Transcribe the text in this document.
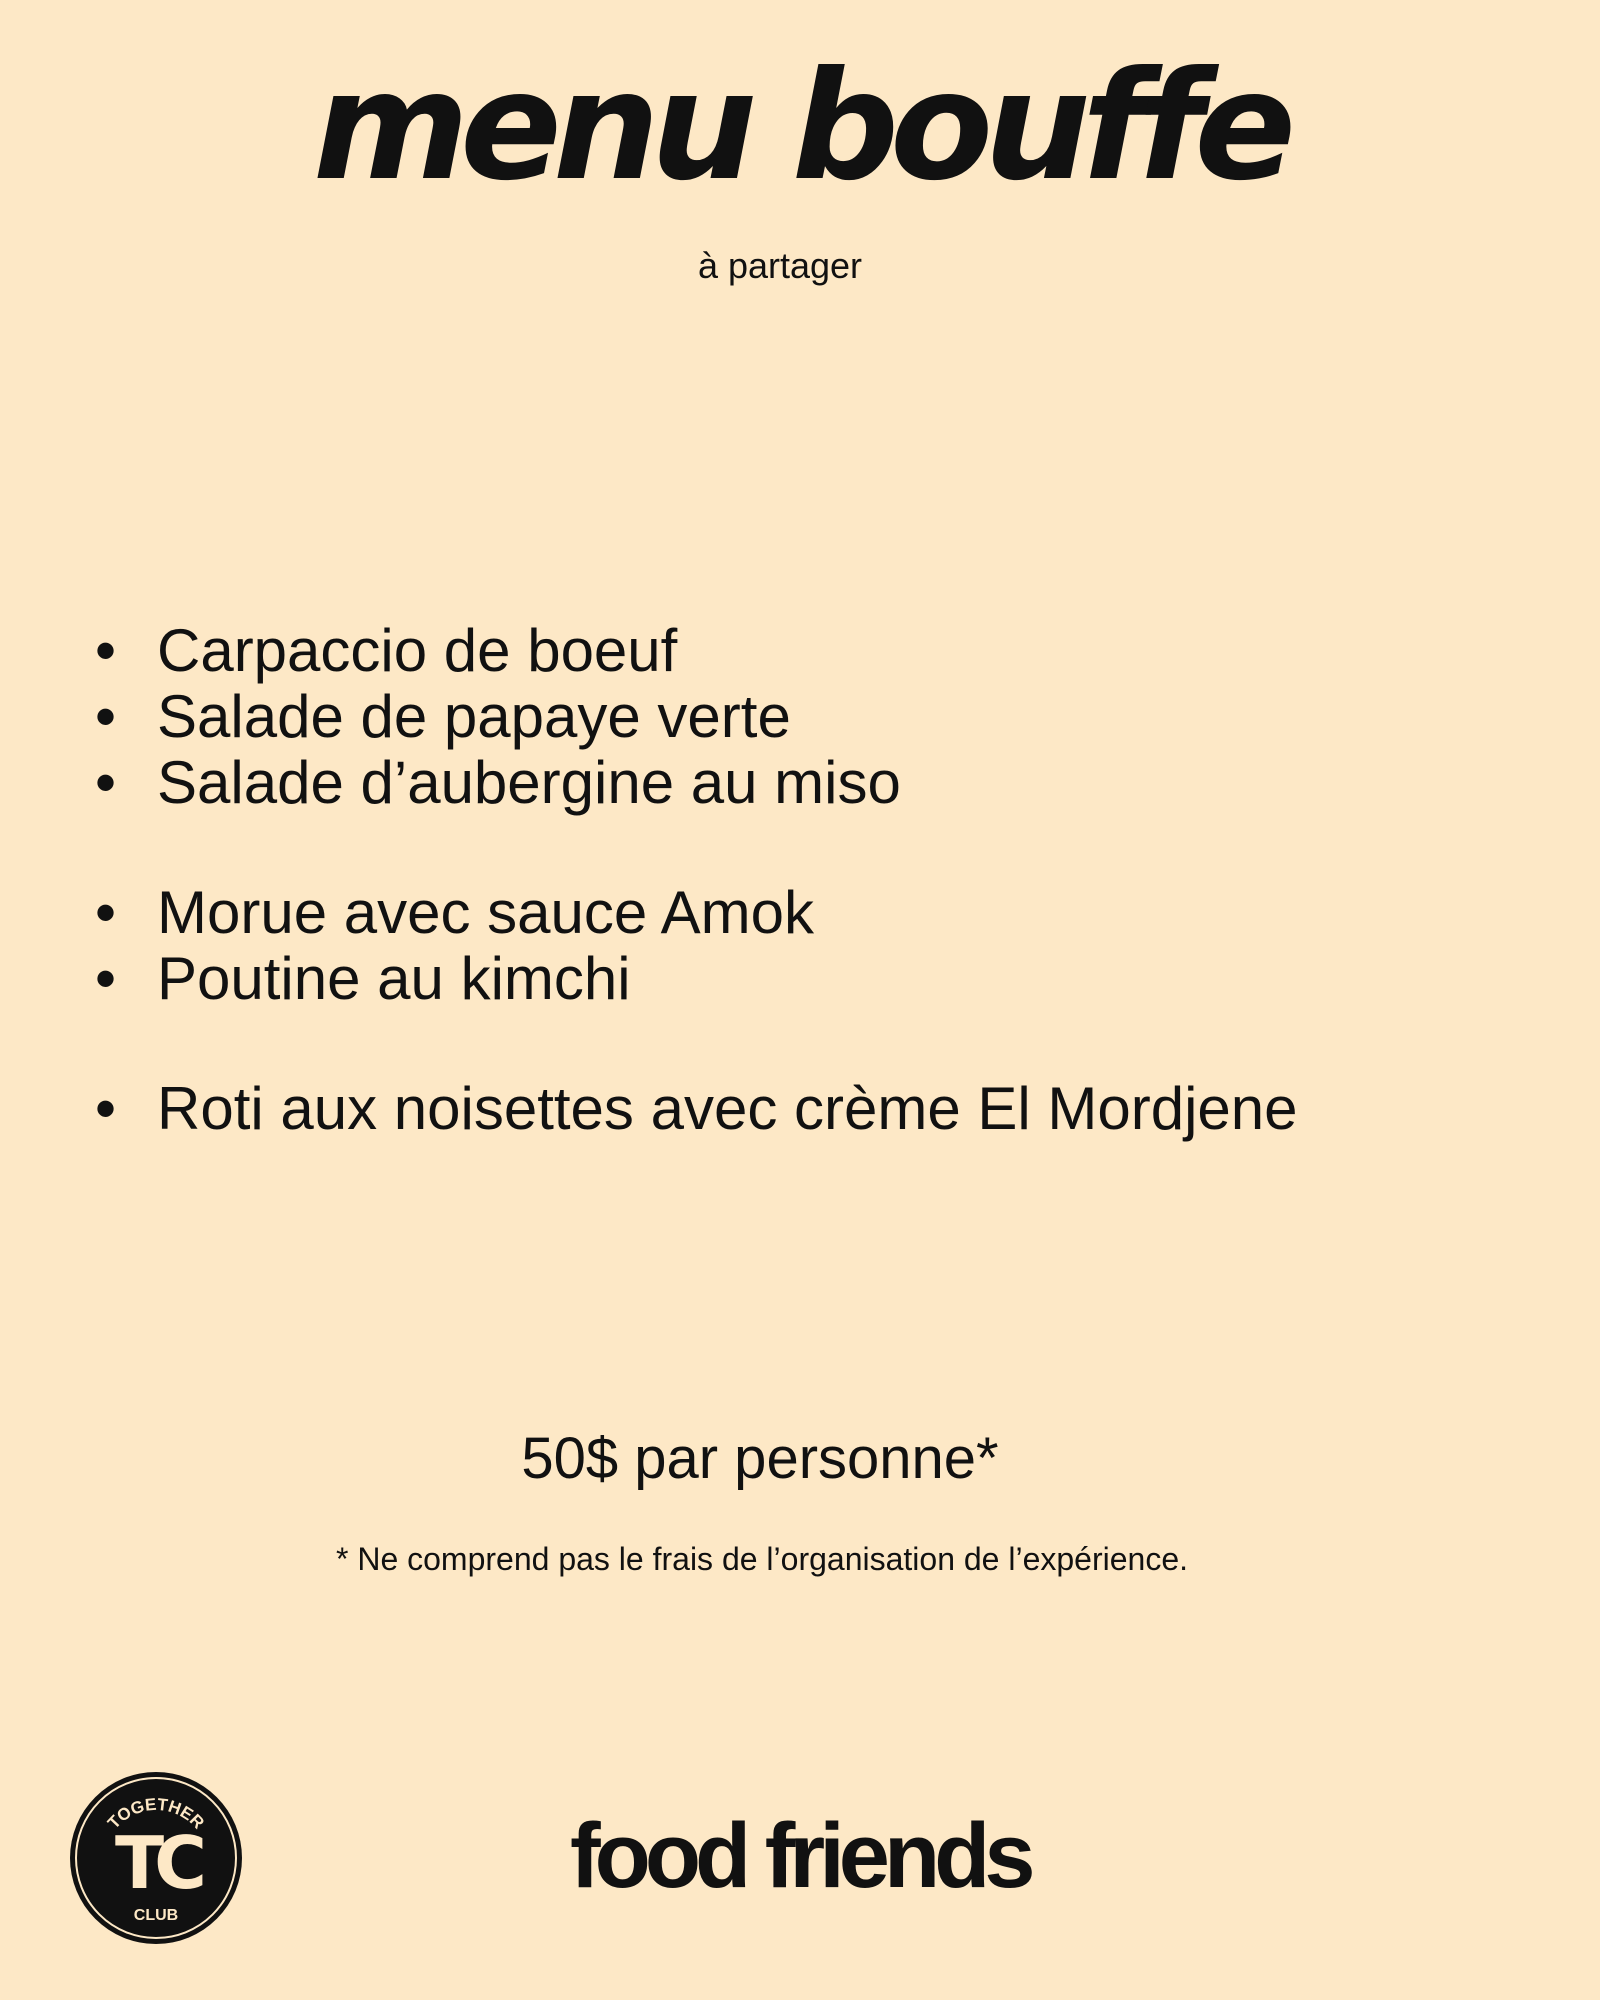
menu bouffe
à partager
• Carpaccio de boeuf
• Salade de papaye verte
• Salade d’aubergine au miso
• Morue avec sauce Amok
• Poutine au kimchi
• Roti aux noisettes avec crème El Mordjene
50$ par personne*
* Ne comprend pas le frais de l’organisation de l’expérience.
TOGETHER
TC
CLUB
food friends
